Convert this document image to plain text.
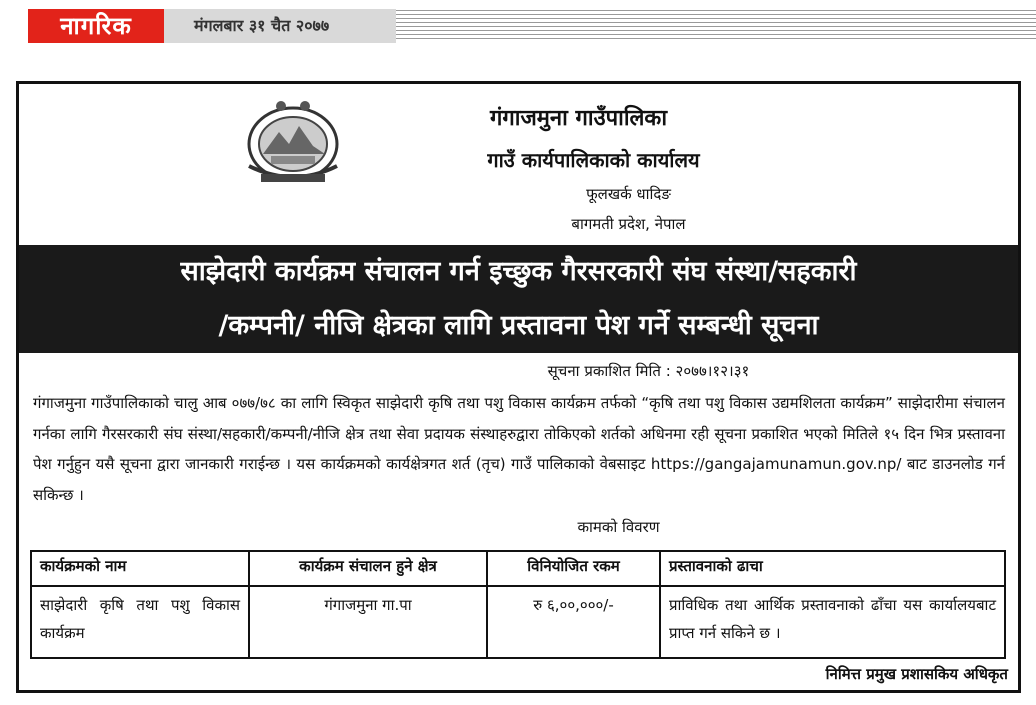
नागरिक	मंगलबार ३१ चैत २०७७
गंगाजमुना गाउँपालिका
गाउँ कार्यपालिकाको कार्यालय
फूलखर्क धादिङ
बागमती प्रदेश, नेपाल
साझेदारी कार्यक्रम संचालन गर्न इच्छुक गैरसरकारी संघ संस्था/सहकारी
/कम्पनी/ नीजि क्षेत्रका लागि प्रस्तावना पेश गर्ने सम्बन्धी सूचना
सूचना प्रकाशित मिति : २०७७।१२।३१
गंगाजमुना गाउँपालिकाको चालु आब ०७७/७८ का लागि स्विकृत साझेदारी कृषि तथा पशु विकास कार्यक्रम तर्फको “कृषि तथा पशु विकास उद्यमशिलता कार्यक्रम” साझेदारीमा संचालन गर्नका लागि गैरसरकारी संघ संस्था/सहकारी/कम्पनी/नीजि क्षेत्र तथा सेवा प्रदायक संस्थाहरुद्वारा तोकिएको शर्तको अधिनमा रही सूचना प्रकाशित भएको मितिले १५ दिन भित्र प्रस्तावना पेश गर्नुहुन यसै सूचना द्वारा जानकारी गराईन्छ । यस कार्यक्रमको कार्यक्षेत्रगत शर्त (तृच) गाउँ पालिकाको वेबसाइट https://gangajamunamun.gov.np/ बाट डाउनलोड गर्न सकिन्छ ।
कामको विवरण
कार्यक्रमको नाम	कार्यक्रम संचालन हुने क्षेत्र	विनियोजित रकम	प्रस्तावनाको ढाचा
साझेदारी कृषि तथा पशु विकास कार्यक्रम	गंगाजमुना गा.पा	रु ६,००,०००/-	प्राविधिक तथा आर्थिक प्रस्तावनाको ढाँचा यस कार्यालयबाट प्राप्त गर्न सकिने छ ।
निमित्त प्रमुख प्रशासकिय अधिकृत
